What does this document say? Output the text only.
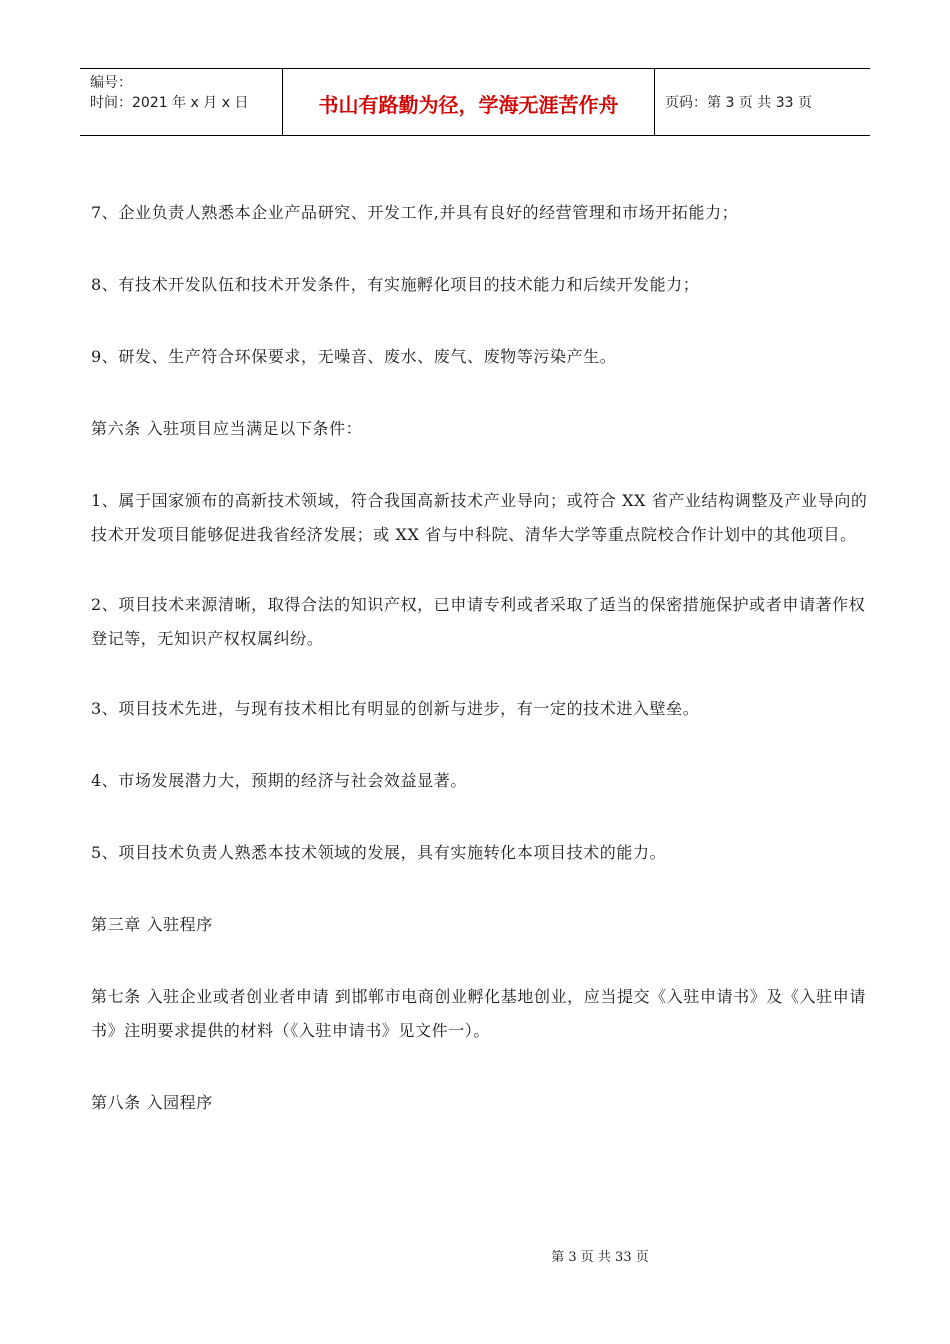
编号：
时间：2021 年 x 月 x 日	书山有路勤为径，学海无涯苦作舟	页码：第 3 页 共 33 页

7、企业负责人熟悉本企业产品研究、开发工作,并具有良好的经营管理和市场开拓能力；

8、有技术开发队伍和技术开发条件，有实施孵化项目的技术能力和后续开发能力；

9、研发、生产符合环保要求，无噪音、废水、废气、废物等污染产生。

第六条 入驻项目应当满足以下条件：

1、属于国家颁布的高新技术领域，符合我国高新技术产业导向；或符合 XX 省产业结构调整及产业导向的技术开发项目能够促进我省经济发展；或 XX 省与中科院、清华大学等重点院校合作计划中的其他项目。

2、项目技术来源清晰，取得合法的知识产权，已申请专利或者采取了适当的保密措施保护或者申请著作权登记等，无知识产权权属纠纷。

3、项目技术先进，与现有技术相比有明显的创新与进步，有一定的技术进入壁垒。

4、市场发展潜力大，预期的经济与社会效益显著。

5、项目技术负责人熟悉本技术领域的发展，具有实施转化本项目技术的能力。

第三章 入驻程序

第七条 入驻企业或者创业者申请 到邯郸市电商创业孵化基地创业，应当提交《入驻申请书》及《入驻申请书》注明要求提供的材料（《入驻申请书》见文件一）。

第八条 入园程序

第 3 页 共 33 页
